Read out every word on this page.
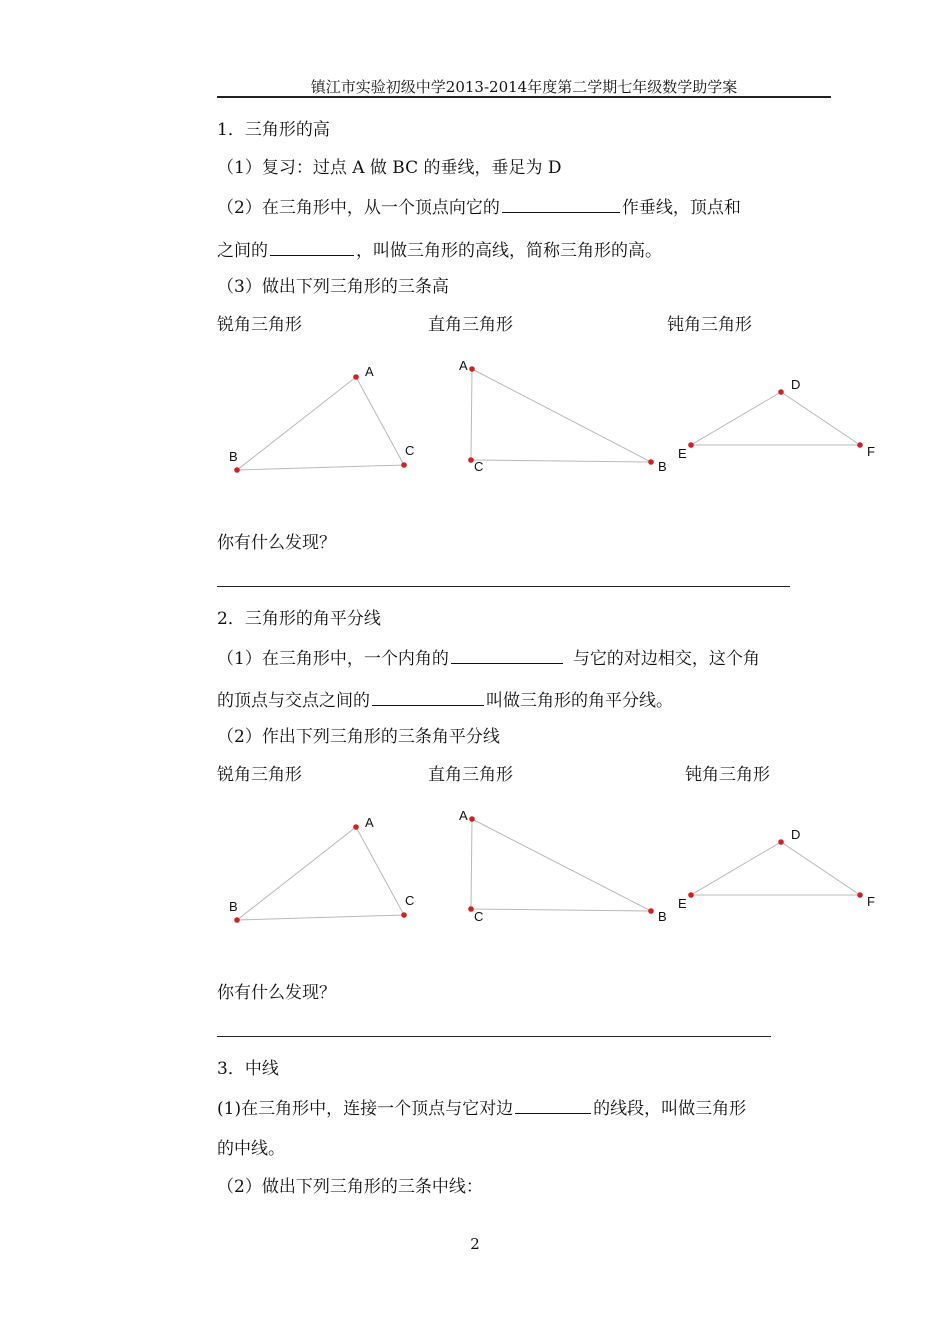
镇江市实验初级中学2013-2014年度第二学期七年级数学助学案
1．三角形的高
（1）复习：过点 A 做 BC 的垂线，垂足为 D
（2）在三角形中，从一个顶点向它的	作垂线，顶点和
之间的	，叫做三角形的高线，简称三角形的高。
（3）做出下列三角形的三条高
锐角三角形	直角三角形	钝角三角形
A
B	C
A
C	B
D
E	F
你有什么发现？
2．三角形的角平分线
（1）在三角形中，一个内角的	与它的对边相交，这个角
的顶点与交点之间的	叫做三角形的角平分线。
（2）作出下列三角形的三条角平分线
锐角三角形	直角三角形	钝角三角形
A
B	C
A
C	B
D
E	F
你有什么发现？
3．中线
(1)在三角形中，连接一个顶点与它对边	的线段，叫做三角形
的中线。
（2）做出下列三角形的三条中线：
2
